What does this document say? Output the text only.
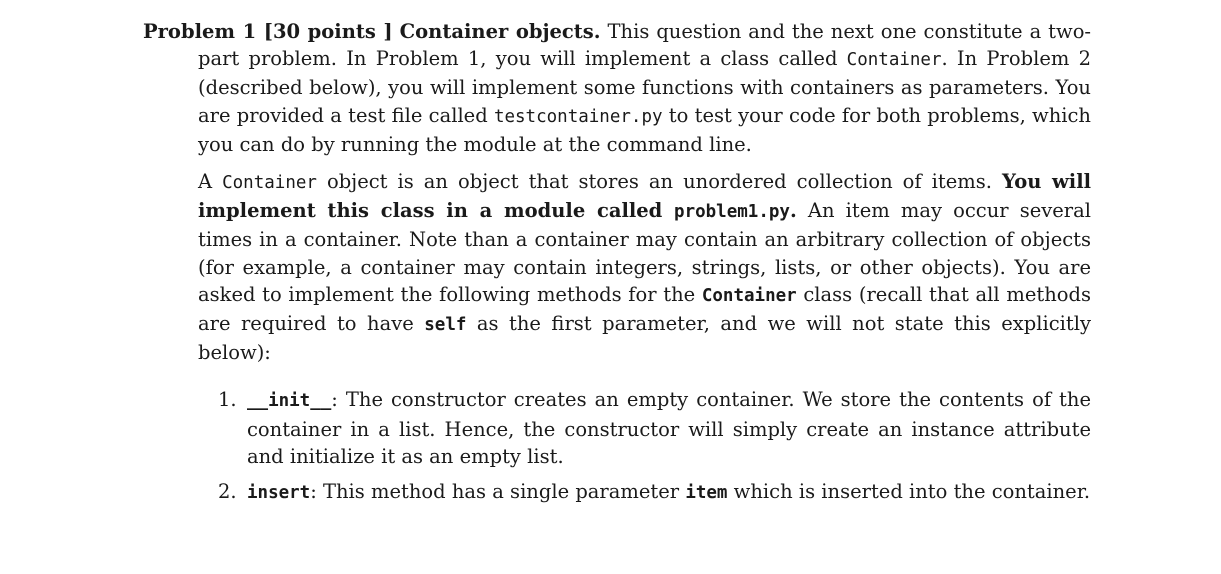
Problem 1 [30 points ] Container objects. This question and the next one constitute a two-part problem. In Problem 1, you will implement a class called Container. In Problem 2 (described below), you will implement some functions with containers as parameters. You are provided a test file called testcontainer.py to test your code for both problems, which you can do by running the module at the command line.

A Container object is an object that stores an unordered collection of items. You will implement this class in a module called problem1.py. An item may occur several times in a container. Note than a container may contain an arbitrary collection of objects (for example, a container may contain integers, strings, lists, or other objects). You are asked to implement the following methods for the Container class (recall that all methods are required to have self as the first parameter, and we will not state this explicitly below):

1. __init__: The constructor creates an empty container. We store the contents of the container in a list. Hence, the constructor will simply create an instance attribute and initialize it as an empty list.
2. insert: This method has a single parameter item which is inserted into the container.
